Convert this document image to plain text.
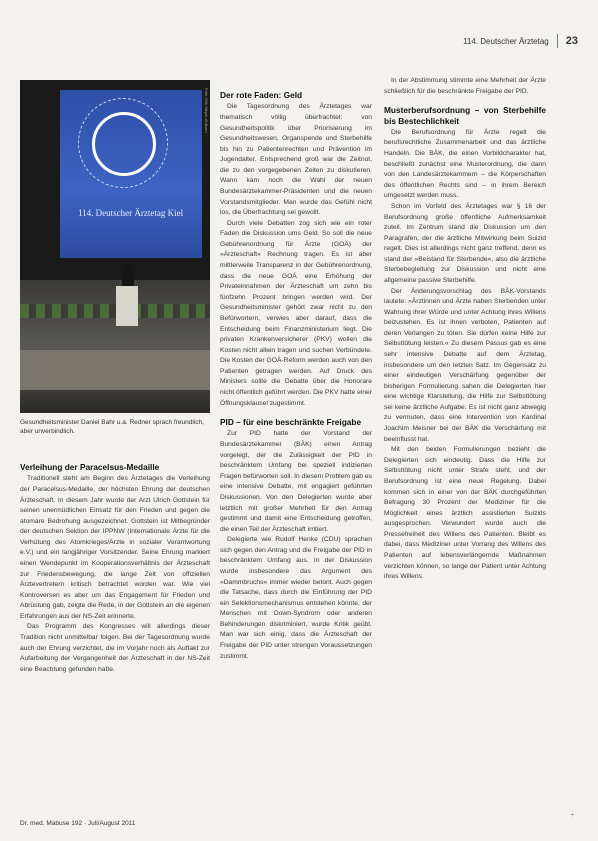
114. Deutscher Ärztetag 23
114. Deutscher Ärztetag Kiel
Foto: Dirk Meyer-Ahlborn
Gesundheitsminister Daniel Bahr u.a. Redner sprach freundlich, aber unverbindlich.
Verleihung der Paracelsus-Medaille

Traditionell steht am Beginn des Ärztetages die Verleihung der Paracelsus-Medaille, der höchsten Ehrung der deutschen Ärzteschaft. In diesem Jahr wurde der Arzt Ulrich Gottstein für seinen unermüdlichen Einsatz für den Frieden und gegen die atomare Bedrohung ausgezeichnet. Gottstein ist Mitbegründer der deutschen Sektion der IPPNW (Internationale Ärzte für die Verhütung des Atomkrieges/Ärzte in sozialer Verantwortung e.V.) und ein langjähriger Vorsitzender. Seine Ehrung markiert einen Wendepunkt im Kooperationsverhältnis der Ärzteschaft zur Friedensbewegung, die lange Zeit von offiziellen Ärztevertretern kritisch betrachtet worden war. Wie viel Kontroversen es aber um das Engagement für Frieden und Abrüstung gab, zeigte die Rede, in der Gottstein an die eigenen Erfahrungen aus der NS-Zeit erinnerte.

Das Programm des Kongresses will allerdings dieser Tradition nicht unmittelbar folgen. Bei der Tagesordnung wurde auch der Ehrung verzichtet, die im Vorjahr noch als Auftakt zur Aufarbeitung der Vergangenheit der Ärzteschaft in der NS-Zeit eine Beachtung gefunden hatte.

Der rote Faden: Geld

Die Tagesordnung des Ärztetages war thematisch völlig überfrachtet: von Gesundheitspolitik über Priorisierung im Gesundheitswesen, Organspende und Sterbehilfe bis hin zu Patientenrechten und Prävention im Jugendalter. Entsprechend groß war die Zeitnot, die zu den vorgegebenen Zeiten zu diskutieren. Wann kam noch die Wahl der neuen Bundesärztekammer-Präsidenten und die neuen Vorstandsmitglieder. Man wurde das Gefühl nicht los, die Überfrachtung sei gewollt.

Durch viele Debatten zog sich wie ein roter Faden die Diskussion ums Geld. So soll die neue Gebührenordnung für Ärzte (GOÄ) der »Ärzteschaft« Rechnung tragen. Es ist aber mittlerweile Transparenz in der Gebührenordnung, dass die neue GOÄ eine Erhöhung der Privateinnahmen der Ärzteschaft um zehn bis fünfzehn Prozent bringen werden wird. Der Gesundheitsminister gehört zwar nicht zu den Befürwortern, verwies aber darauf, dass die Entscheidung beim Finanzministerium liegt. Die privaten Krankenversicherer (PKV) wollen die Kosten nicht allein tragen und suchen Verbündete. Die Kosten der GOÄ-Reform werden auch von den Patienten getragen werden. Auf Druck des Ministers sollte die Debatte über die Honorare nicht öffentlich geführt werden. Die PKV hatte einer Öffnungsklausel zugestimmt.

PID – für eine beschränkte Freigabe

Zur PID hatte der Vorstand der Bundesärztekammer (BÄK) einen Antrag vorgelegt, der die Zulässigkeit der PID in beschränktem Umfang bei speziell indizierten Fragen befürworten soll. In diesem Problem gab es eine intensive Debatte, mit engagiert geführten Diskussionen. Von den Delegierten wurde aber letztlich mit großer Mehrheit für den Antrag gestimmt und damit eine Entscheidung getroffen, die einen Teil der Ärzteschaft irritiert.

Delegierte wie Rudolf Henke (CDU) sprachen sich gegen den Antrag und die Freigabe der PID in beschränktem Umfang aus. In der Diskussion wurde insbesondere das Argument des »Dammbruchs« immer wieder betont. Auch gegen die Tatsache, dass durch die Einführung der PID ein Selektionsmechanismus entstehen könnte, der Menschen mit Down-Syndrom oder anderen Behinderungen diskriminiert, wurde Kritik geübt. Man war sich einig, dass die Ärzteschaft der Freigabe der PID unter strengen Voraussetzungen zustimmt.

In der Abstimmung stimmte eine Mehrheit der Ärzte schließlich für die beschränkte Freigabe der PID.

Musterberufsordnung – von Sterbehilfe bis Bestechlichkeit

Die Berufsordnung für Ärzte regelt die berufsrechtliche Zusammenarbeit und das ärztliche Handeln. Die BÄK, die einen Vorbildcharakter hat, beschließt zunächst eine Musterordnung, die dann von den Landesärztekammern – die Körperschaften des öffentlichen Rechts sind – in ihrem Bereich umgesetzt werden muss.

Schon im Vorfeld des Ärztetages war § 16 der Berufsordnung große öffentliche Aufmerksamkeit zuteil. Im Zentrum stand die Diskussion um den Paragrafen, der die ärztliche Mitwirkung beim Suizid regelt. Dies ist allerdings nicht ganz treffend, denn es stand der »Beistand für Sterbende«, also die ärztliche Sterbebegleitung zur Diskussion und nicht eine allgemeine passive Sterbehilfe.

Der Änderungsvorschlag des BÄK-Vorstands lautete: »Ärztinnen und Ärzte haben Sterbenden unter Wahrung ihrer Würde und unter Achtung ihres Willens beizustehen. Es ist ihnen verboten, Patienten auf deren Verlangen zu töten. Sie dürfen keine Hilfe zur Selbsttötung leisten.« Zu diesem Passus gab es eine sehr intensive Debatte auf dem Ärztetag, insbesondere um den letzten Satz. Im Gegensatz zu einer eindeutigen Verschärfung gegenüber der bisherigen Formulierung sahen die Delegierten hier eine wichtige Klarstellung, die Hilfe zur Selbsttötung sei keine ärztliche Aufgabe. Es ist nicht ganz abwegig zu vermuten, dass eine Intervention von Kardinal Joachim Meisner bei der BÄK die Verschärfung mit beeinflusst hat.

Mit den beiden Formulierungen bezieht die Delegierten sich eindeutig. Dass die Hilfe zur Selbsttötung nicht unter Strafe steht, und der Berufsordnung ist eine neue Regelung. Dabei kommen sich in einer von der BÄK durchgeführten Befragung 30 Prozent der Mediziner für die Möglichkeit eines ärztlich assistierten Suizids ausgesprochen. Verwundert wurde auch die Pressefreiheit des Willens des Patienten. Bleibt es dabei, dass Mediziner unter Vorrang des Willens des Patienten auf lebensverlängernde Maßnahmen verzichten können, so lange der Patient unter Achtung ihres Willens.

Dr. med. Mabuse 192 · Juli/August 2011
+
